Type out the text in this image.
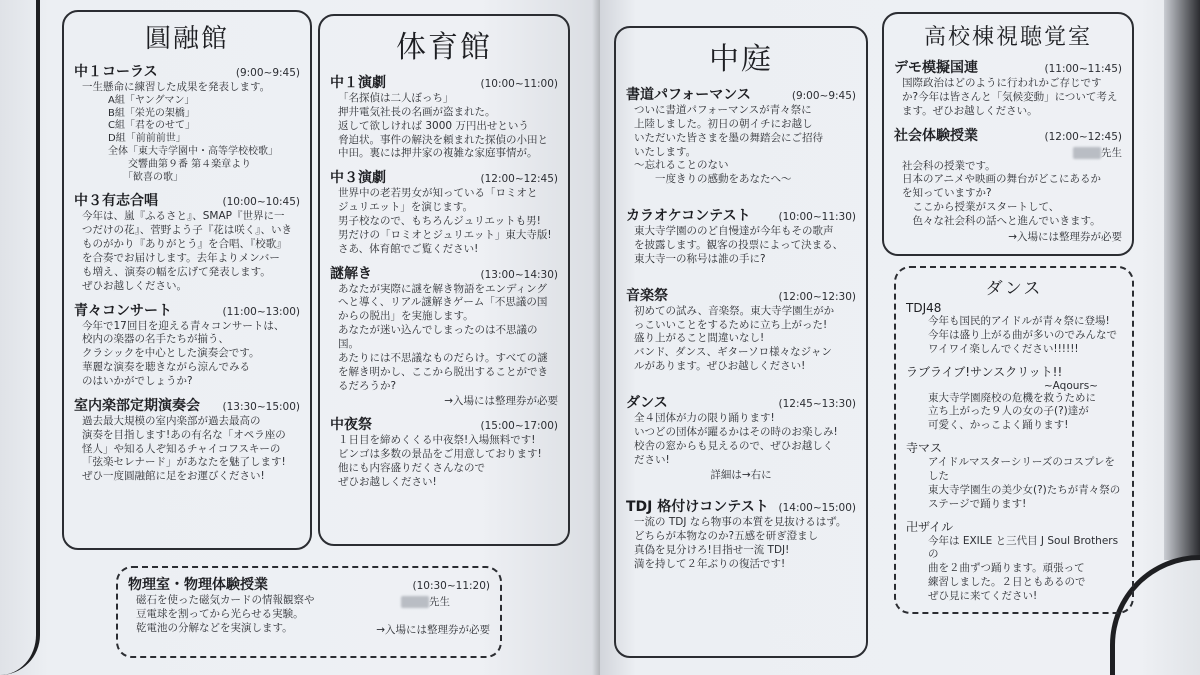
圓融館
中１コーラス	(9:00~9:45)
一生懸命に練習した成果を発表します。
A組「ヤングマン」
B組「栄光の架橋」
C組「君をのせて」
D組「前前前世」
全体「東大寺学園中・高等学校校歌」
　　交響曲第９番 第４楽章より
　　「歓喜の歌」
中３有志合唱	(10:00~10:45)
今年は、嵐『ふるさと』、SMAP『世界に一
つだけの花』、菅野よう子『花は咲く』、いき
ものがかり『ありがとう』を合唱、『校歌』
を合奏でお届けします。去年よりメンバー
も増え、演奏の幅を広げて発表します。
ぜひお越しください。
青々コンサート	(11:00~13:00)
今年で17回目を迎える青々コンサートは、
校内の楽器の名手たちが揃う、
クラシックを中心とした演奏会です。
華麗な演奏を聴きながら涼んでみる
のはいかがでしょうか?
室内楽部定期演奏会 (13:30~15:00)
過去最大規模の室内楽部が過去最高の
演奏を目指します!あの有名な「オペラ座の
怪人」や知る人ぞ知るチャイコフスキーの
「弦楽セレナード」があなたを魅了します!
ぜひ一度圓融館に足をお運びください!
体育館
中１演劇	(10:00~11:00)
「名探偵は二人ぼっち」
押井電気社長の名画が盗まれた。
返して欲しければ 3000 万円出せという
脅迫状。事件の解決を頼まれた探偵の小田と
中田。裏には押井家の複雑な家庭事情が。
中３演劇	(12:00~12:45)
世界中の老若男女が知っている「ロミオと
ジュリエット」を演じます。
男子校なので、もちろんジュリエットも男!
男だけの「ロミオとジュリエット」東大寺版!
さあ、体育館でご覧ください!
謎解き	(13:00~14:30)
あなたが実際に謎を解き物語をエンディング
へと導く、リアル謎解きゲーム「不思議の国
からの脱出」を実施します。
あなたが迷い込んでしまったのは不思議の国。
あたりには不思議なものだらけ。すべての謎
を解き明かし、ここから脱出することができ
るだろうか?
→入場には整理券が必要
中夜祭	(15:00~17:00)
１日目を締めくくる中夜祭!入場無料です!
ビンゴは多数の景品をご用意しております!
他にも内容盛りだくさんなので
ぜひお越しください!
物理室・物理体験授業	(10:30~11:20)
磁石を使った磁気カードの情報観察や
豆電球を割ってから光らせる実験。
乾電池の分解などを実演します。
先生
→入場には整理券が必要
中庭
書道パフォーマンス	(9:00~9:45)
ついに書道パフォーマンスが青々祭に
上陸しました。初日の朝イチにお越し
いただいた皆さまを墨の舞踏会にご招待
いたします。
～忘れることのない
　　一度きりの感動をあなたへ～
カラオケコンテスト	(10:00~11:30)
東大寺学園ののど自慢達が今年もその歌声
を披露します。観客の投票によって決まる、
東大寺一の称号は誰の手に?
音楽祭	(12:00~12:30)
初めての試み、音楽祭。東大寺学園生がか
っこいいことをするために立ち上がった!
盛り上がること間違いなし!
バンド、ダンス、ギターソロ様々なジャン
ルがあります。ぜひお越しください!
ダンス	(12:45~13:30)
全４団体が力の限り踊ります!
いつどの団体が躍るかはその時のお楽しみ!
校舎の窓からも見えるので、ぜひお越しく
ださい!
詳細は→右に
TDJ 格付けコンテスト (14:00~15:00)
一流の TDJ なら物事の本質を見抜けるはず。
どちらが本物なのか?五感を研ぎ澄まし
真偽を見分けろ!目指せ一流 TDJ!
満を持して２年ぶりの復活です!
高校棟視聴覚室
デモ模擬国連	(11:00~11:45)
国際政治はどのように行われかご存じです
か?今年は皆さんと「気候変動」について考え
ます。ぜひお越しください。
社会体験授業	(12:00~12:45)
先生
社会科の授業です。
日本のアニメや映画の舞台がどこにあるか
を知っていますか?
　ここから授業がスタートして、
　色々な社会科の話へと進んでいきます。
→入場には整理券が必要
ダンス
TDJ48
今年も国民的アイドルが青々祭に登場!
今年は盛り上がる曲が多いのでみんなで
ワイワイ楽しんでください!!!!!!
ラブライブ!サンスクリット!!
~Aqours~
東大寺学園廃校の危機を救うために
立ち上がった９人の女の子(?)達が
可愛く、かっこよく踊ります!
寺マス
アイドルマスターシリーズのコスプレをした
東大寺学園生の美少女(?)たちが青々祭の
ステージで踊ります!
卍ザイル
今年は EXILE と三代目 J Soul Brothers の
曲を２曲ずつ踊ります。頑張って
練習しました。２日ともあるので
ぜひ見に来てください!
